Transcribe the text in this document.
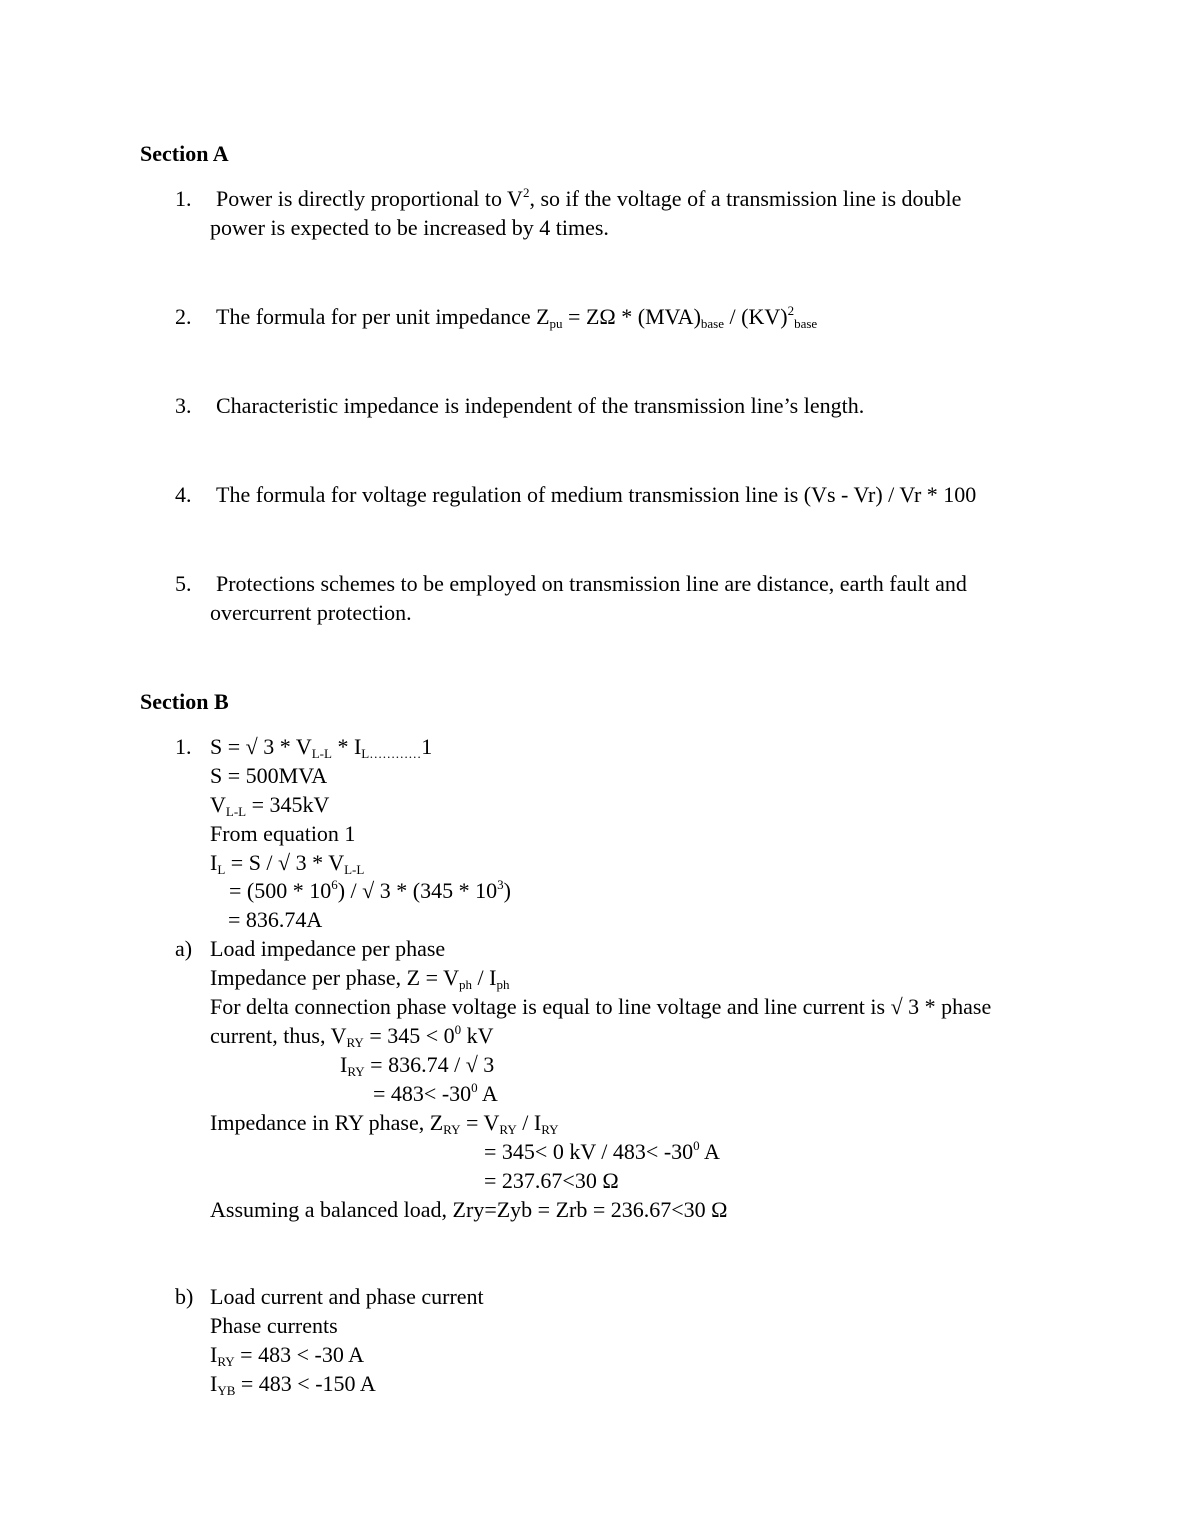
Section A
1. Power is directly proportional to $V^2$, so if the voltage of a transmission line is double
power is expected to be increased by 4 times.
2. The formula for per unit impedance $Z_{pu} = Z\Omega * (MVA)_{base} / (KV)^2_{base}$
3. Characteristic impedance is independent of the transmission line’s length.
4. The formula for voltage regulation of medium transmission line is (Vs - Vr) / Vr * 100
5. Protections schemes to be employed on transmission line are distance, earth fault and
overcurrent protection.
Section B
1. S = √ $3 * V_{L-L} * I_{L\dots\dots\dots\dots}1$
S = 500MVA
$V_{L-L} = 345kV$
From equation 1
$I_L = S$ / √ $3 * V_{L-L}$
= $(500 * 10^6)$ / √ $3 * (345 * 10^3)$
= 836.74A
a) Load impedance per phase
Impedance per phase, $Z = V_{ph} / I_{ph}$
For delta connection phase voltage is equal to line voltage and line current is √ 3 * phase
current, thus, $V_{RY} = 345 < 0^0$ kV
$I_{RY} = 836.74$ / √ 3
= $483< -30^0$ A
Impedance in RY phase, $Z_{RY} = V_{RY} / I_{RY}$
= 345< 0 kV / $483< -30^0$ A
= 237.67<30 Ω
Assuming a balanced load, Zry=Zyb = Zrb = 236.67<30 Ω
b) Load current and phase current
Phase currents
$I_{RY} = 483 < -30$ A
$I_{YB} = 483 < -150$ A
